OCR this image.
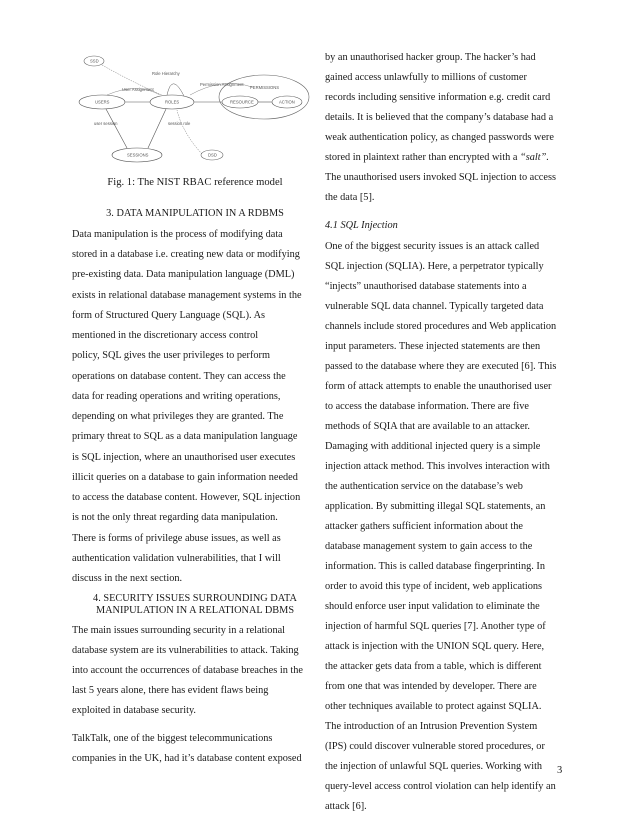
SSD
USERS	ROLES
PERMISSIONS
RESOURCE	ACTION
SESSIONS	DSD
Role Hierarchy
User Assignment
Permission Assignment
user session	session role
Fig. 1: The NIST RBAC reference model
3. DATA MANIPULATION IN A RDBMS
Data manipulation is the process of modifying data
stored in a database i.e. creating new data or modifying
pre-existing data. Data manipulation language (DML)
exists in relational database management systems in the
form of Structured Query Language (SQL). As
mentioned in the discretionary access control
policy, SQL gives the user privileges to perform
operations on database content. They can access the
data for reading operations and writing operations,
depending on what privileges they are granted. The
primary threat to SQL as a data manipulation language
is SQL injection, where an unauthorised user executes
illicit queries on a database to gain information needed
to access the database content. However, SQL injection
is not the only threat regarding data manipulation.
There is forms of privilege abuse issues, as well as
authentication validation vulnerabilities, that I will
discuss in the next section.
4. SECURITY ISSUES SURROUNDING DATA
MANIPULATION IN A RELATIONAL DBMS
The main issues surrounding security in a relational
database system are its vulnerabilities to attack. Taking
into account the occurrences of database breaches in the
last 5 years alone, there has evident flaws being
exploited in database security.
TalkTalk, one of the biggest telecommunications
companies in the UK, had it’s database content exposed
by an unauthorised hacker group. The hacker’s had
gained access unlawfully to millions of customer
records including sensitive information e.g. credit card
details. It is believed that the company’s database had a
weak authentication policy, as changed passwords were
stored in plaintext rather than encrypted with a “salt”.
The unauthorised users invoked SQL injection to access
the data [5].
4.1 SQL Injection
One of the biggest security issues is an attack called
SQL injection (SQLIA). Here, a perpetrator typically
“injects” unauthorised database statements into a
vulnerable SQL data channel. Typically targeted data
channels include stored procedures and Web application
input parameters. These injected statements are then
passed to the database where they are executed [6]. This
form of attack attempts to enable the unauthorised user
to access the database information. There are five
methods of SQIA that are available to an attacker.
Damaging with additional injected query is a simple
injection attack method. This involves interaction with
the authentication service on the database’s web
application. By submitting illegal SQL statements, an
attacker gathers sufficient information about the
database management system to gain access to the
information. This is called database fingerprinting. In
order to avoid this type of incident, web applications
should enforce user input validation to eliminate the
injection of harmful SQL queries [7]. Another type of
attack is injection with the UNION SQL query. Here,
the attacker gets data from a table, which is different
from one that was intended by developer. There are
other techniques available to protect against SQLIA.
The introduction of an Intrusion Prevention System
(IPS) could discover vulnerable stored procedures, or
the injection of unlawful SQL queries. Working with
query-level access control violation can help identify an
attack [6].
3
